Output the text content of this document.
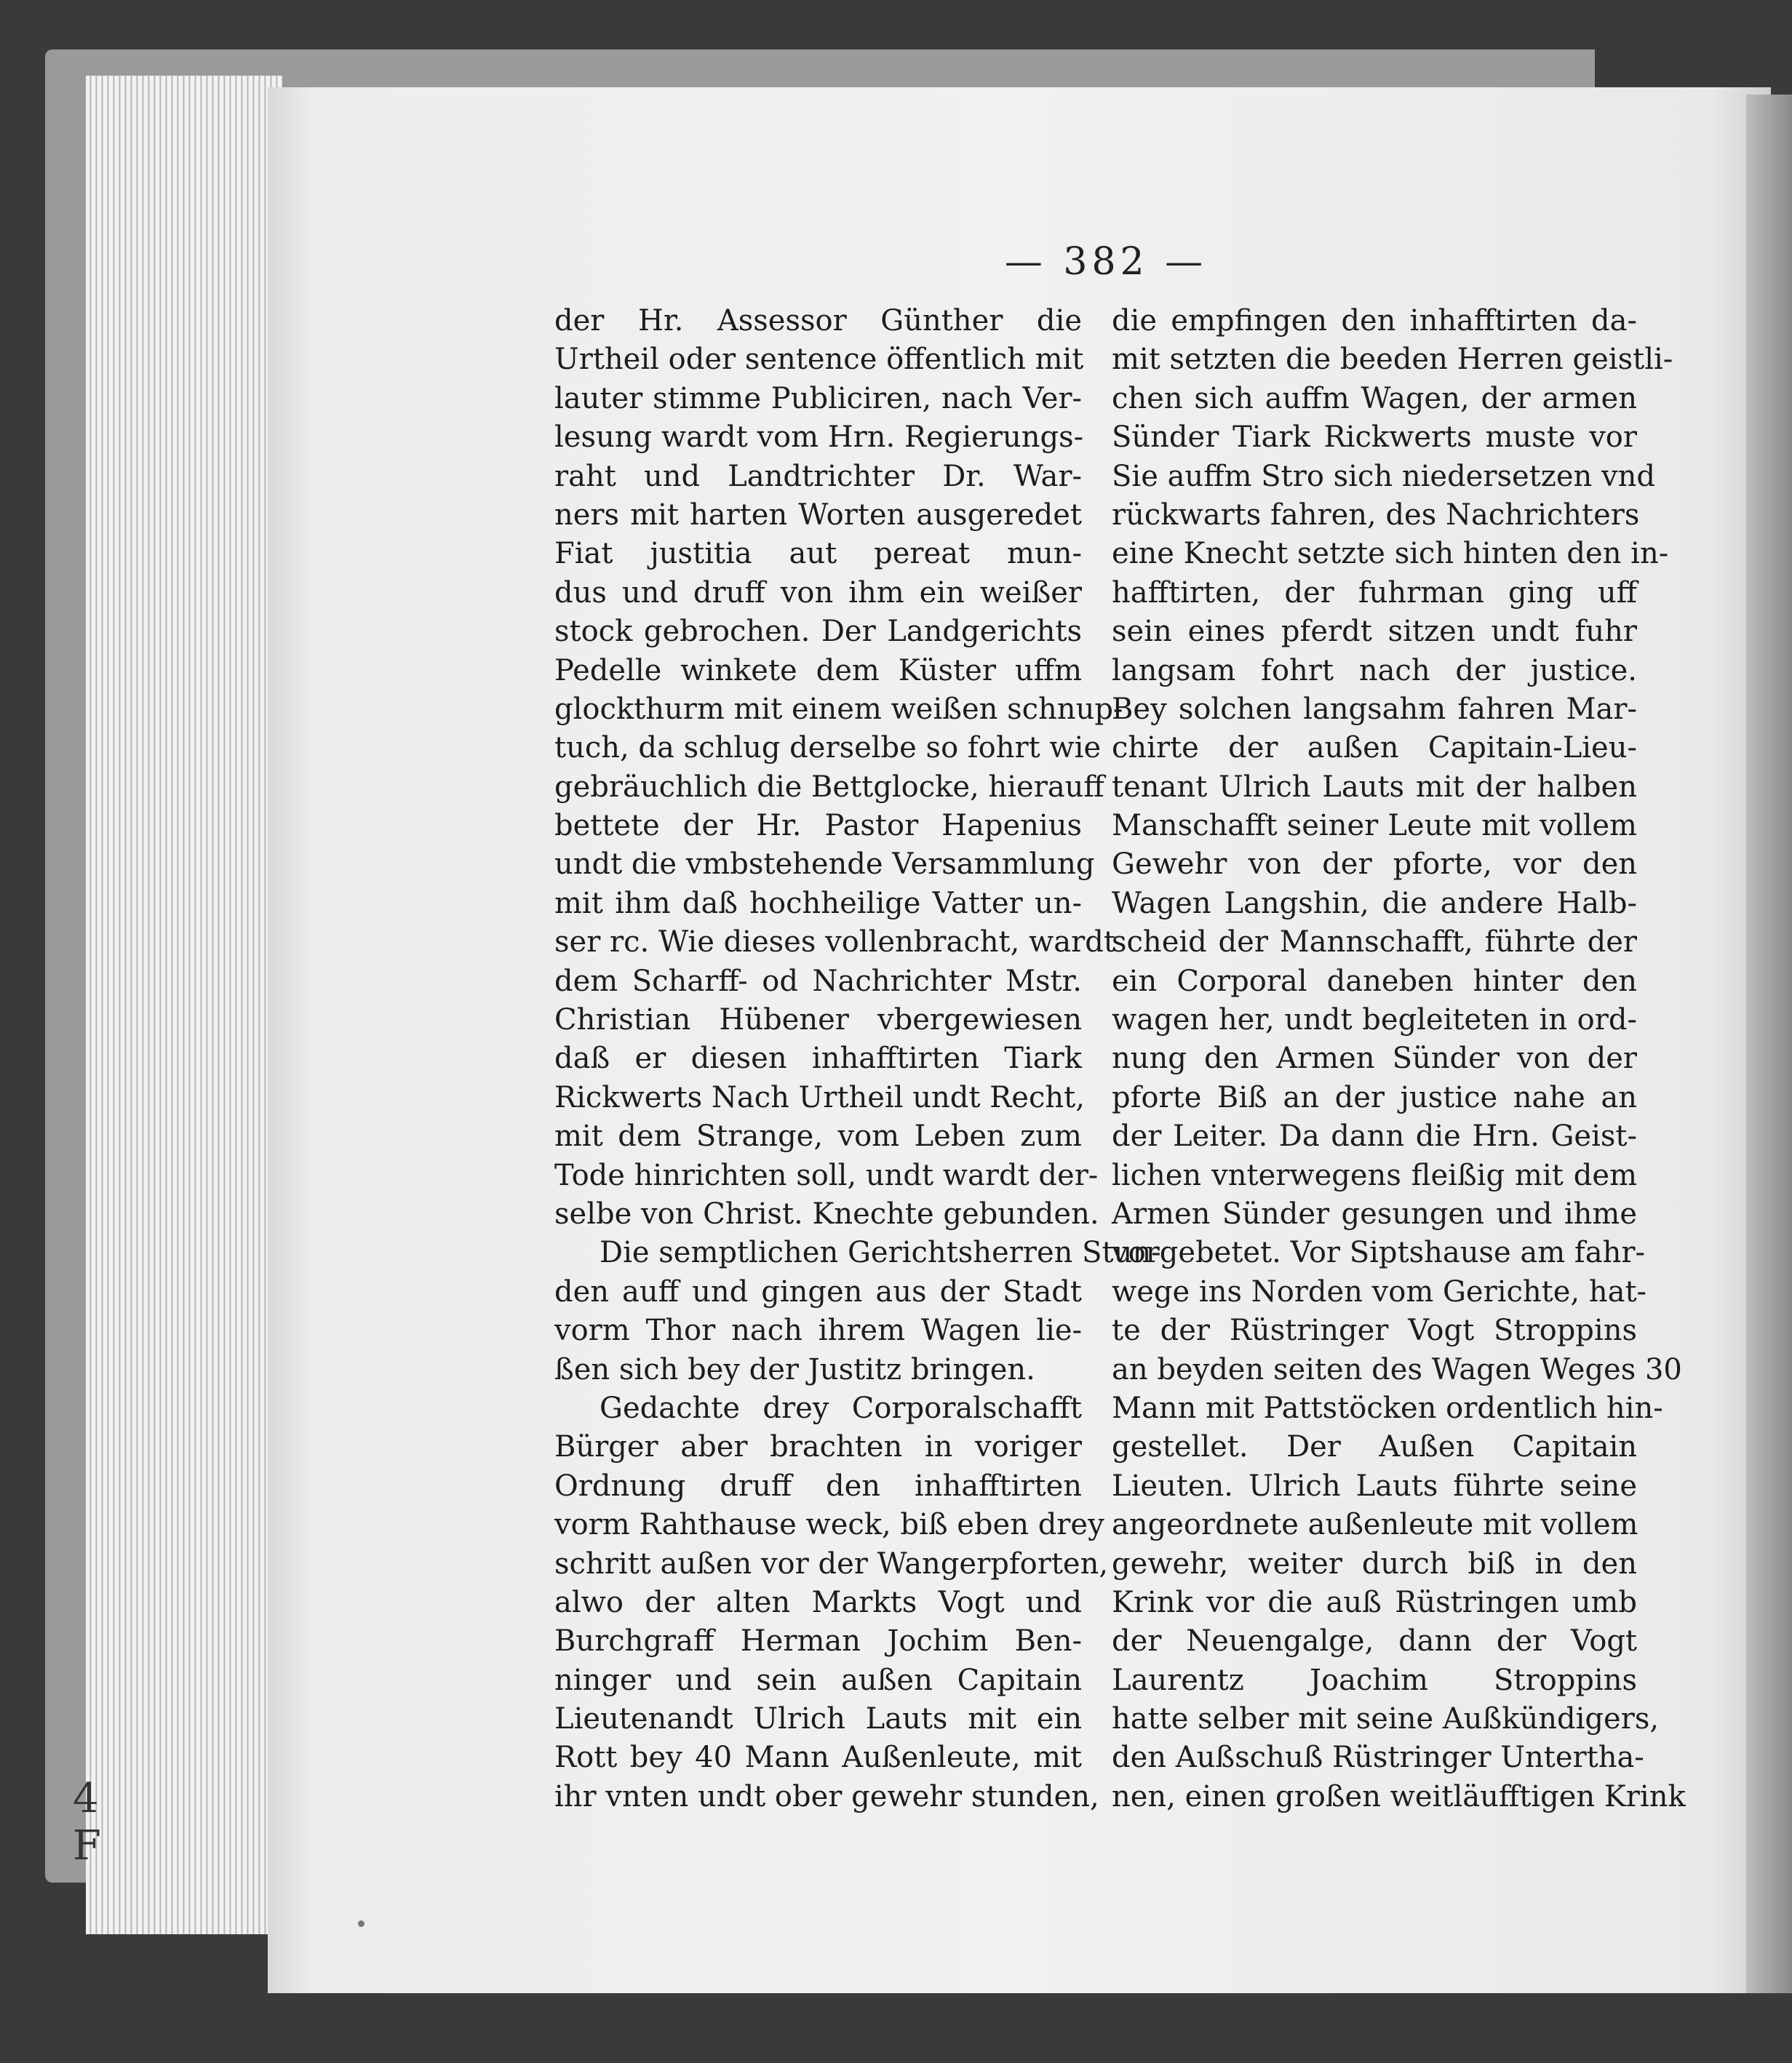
— 382 —
der Hr. Assessor Günther die
Urtheil oder sentence öffentlich mit
lauter stimme Publiciren, nach Ver-
lesung wardt vom Hrn. Regierungs-
raht und Landtrichter Dr. War-
ners mit harten Worten ausgeredet
Fiat justitia aut pereat mun-
dus und druff von ihm ein weißer
stock gebrochen. Der Landgerichts
Pedelle winkete dem Küster uffm
glockthurm mit einem weißen schnup-
tuch, da schlug derselbe so fohrt wie
gebräuchlich die Bettglocke, hierauff
bettete der Hr. Pastor Hapenius
undt die vmbstehende Versammlung
mit ihm daß hochheilige Vatter un-
ser rc. Wie dieses vollenbracht, wardt
dem Scharff- od Nachrichter Mstr.
Christian Hübener vbergewiesen
daß er diesen inhafftirten Tiark
Rickwerts Nach Urtheil undt Recht,
mit dem Strange, vom Leben zum
Tode hinrichten soll, undt wardt der-
selbe von Christ. Knechte gebunden.
Die semptlichen Gerichtsherren Stun-
den auff und gingen aus der Stadt
vorm Thor nach ihrem Wagen lie-
ßen sich bey der Justitz bringen.
Gedachte drey Corporalschafft
Bürger aber brachten in voriger
Ordnung druff den inhafftirten
vorm Rahthause weck, biß eben drey
schritt außen vor der Wangerpforten,
alwo der alten Markts Vogt und
Burchgraff Herman Jochim Ben-
ninger und sein außen Capitain
Lieutenandt Ulrich Lauts mit ein
Rott bey 40 Mann Außenleute, mit
ihr vnten undt ober gewehr stunden,
die empfingen den inhafftirten da-
mit setzten die beeden Herren geistli-
chen sich auffm Wagen, der armen
Sünder Tiark Rickwerts muste vor
Sie auffm Stro sich niedersetzen vnd
rückwarts fahren, des Nachrichters
eine Knecht setzte sich hinten den in-
hafftirten, der fuhrman ging uff
sein eines pferdt sitzen undt fuhr
langsam fohrt nach der justice.
Bey solchen langsahm fahren Mar-
chirte der außen Capitain-Lieu-
tenant Ulrich Lauts mit der halben
Manschafft seiner Leute mit vollem
Gewehr von der pforte, vor den
Wagen Langshin, die andere Halb-
scheid der Mannschafft, führte der
ein Corporal daneben hinter den
wagen her, undt begleiteten in ord-
nung den Armen Sünder von der
pforte Biß an der justice nahe an
der Leiter. Da dann die Hrn. Geist-
lichen vnterwegens fleißig mit dem
Armen Sünder gesungen und ihme
vorgebetet. Vor Siptshause am fahr-
wege ins Norden vom Gerichte, hat-
te der Rüstringer Vogt Stroppins
an beyden seiten des Wagen Weges 30
Mann mit Pattstöcken ordentlich hin-
gestellet. Der Außen Capitain
Lieuten. Ulrich Lauts führte seine
angeordnete außenleute mit vollem
gewehr, weiter durch biß in den
Krink vor die auß Rüstringen umb
der Neuengalge, dann der Vogt
Laurentz Joachim Stroppins
hatte selber mit seine Außkündigers,
den Außschuß Rüstringer Untertha-
nen, einen großen weitläufftigen Krink
4
F
